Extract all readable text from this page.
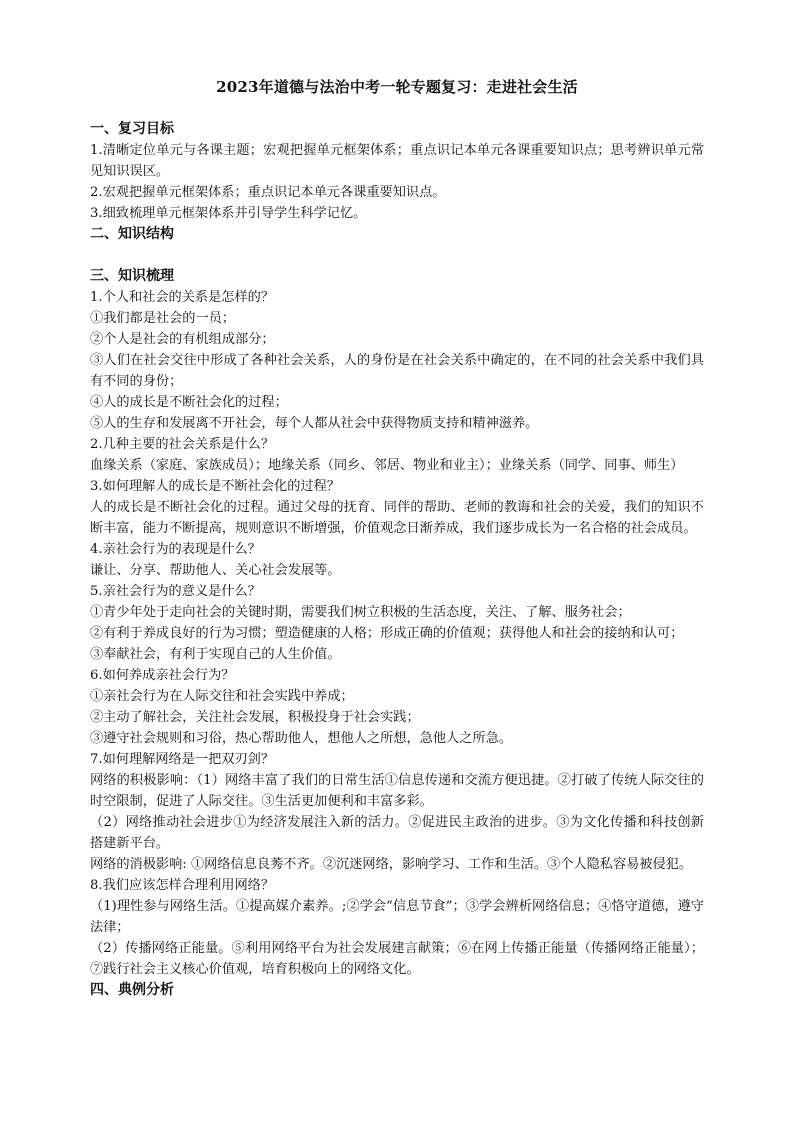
2023年道德与法治中考一轮专题复习：走进社会生活
一、复习目标
1.清晰定位单元与各课主题；宏观把握单元框架体系；重点识记本单元各课重要知识点；思考辨识单元常见知识误区。
2.宏观把握单元框架体系；重点识记本单元各课重要知识点。
3.细致梳理单元框架体系并引导学生科学记忆。
二、知识结构
三、知识梳理
1.个人和社会的关系是怎样的？
①我们都是社会的一员；
②个人是社会的有机组成部分；
③人们在社会交往中形成了各种社会关系，人的身份是在社会关系中确定的，在不同的社会关系中我们具有不同的身份；
④人的成长是不断社会化的过程；
⑤人的生存和发展离不开社会，每个人都从社会中获得物质支持和精神滋养。
2.几种主要的社会关系是什么？
血缘关系（家庭、家族成员）；地缘关系（同乡、邻居、物业和业主）；业缘关系（同学、同事、师生）
3.如何理解人的成长是不断社会化的过程？
人的成长是不断社会化的过程。通过父母的抚育、同伴的帮助、老师的教诲和社会的关爱，我们的知识不断丰富，能力不断提高，规则意识不断增强，价值观念日渐养成，我们逐步成长为一名合格的社会成员。
4.亲社会行为的表现是什么？
谦让、分享、帮助他人、关心社会发展等。
5.亲社会行为的意义是什么？
①青少年处于走向社会的关键时期，需要我们树立积极的生活态度，关注、了解、服务社会；
②有利于养成良好的行为习惯；塑造健康的人格；形成正确的价值观；获得他人和社会的接纳和认可；
③奉献社会，有利于实现自己的人生价值。
6.如何养成亲社会行为？
①亲社会行为在人际交往和社会实践中养成；
②主动了解社会，关注社会发展，积极投身于社会实践；
③遵守社会规则和习俗，热心帮助他人，想他人之所想，急他人之所急。
7.如何理解网络是一把双刃剑？
网络的积极影响：（1）网络丰富了我们的日常生活①信息传递和交流方便迅捷。②打破了传统人际交往的时空限制，促进了人际交往。③生活更加便利和丰富多彩。
（2）网络推动社会进步①为经济发展注入新的活力。②促进民主政治的进步。③为文化传播和科技创新搭建新平台。
网络的消极影响: ①网络信息良莠不齐。②沉迷网络，影响学习、工作和生活。③个人隐私容易被侵犯。
8.我们应该怎样合理利用网络？
（1)理性参与网络生活。①提高媒介素养。;②学会“信息节食”；③学会辨析网络信息；④恪守道德，遵守法律；
（2）传播网络正能量。⑤利用网络平台为社会发展建言献策；⑥在网上传播正能量（传播网络正能量）；⑦践行社会主义核心价值观，培育积极向上的网络文化。
四、典例分析
